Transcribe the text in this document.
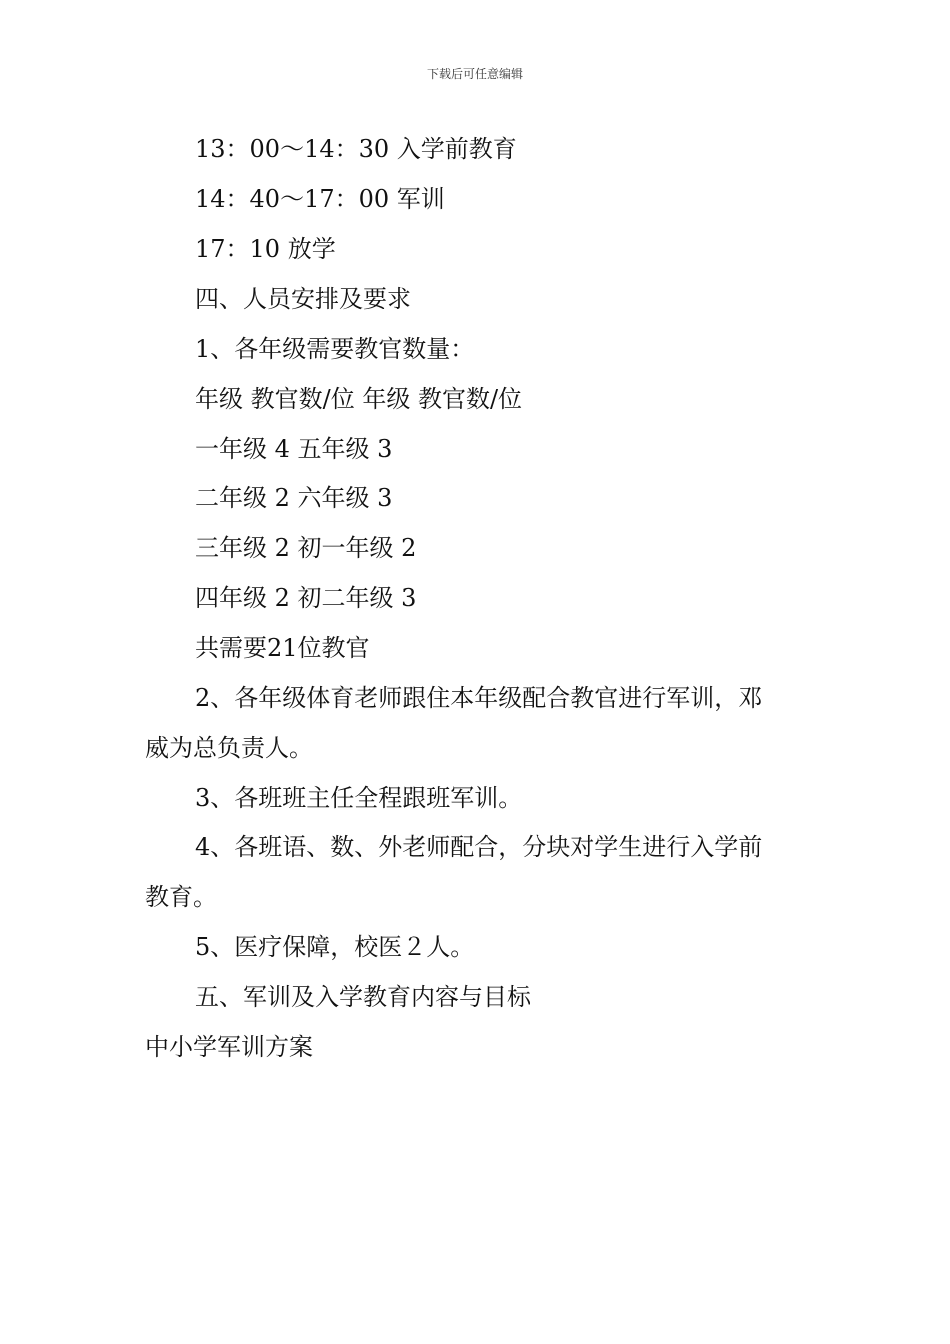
下载后可任意编辑
13：00～14：30 入学前教育
14：40～17：00 军训
17：10 放学
四、人员安排及要求
1、各年级需要教官数量：
年级 教官数/位 年级 教官数/位
一年级 4 五年级 3
二年级 2 六年级 3
三年级 2 初一年级 2
四年级 2 初二年级 3
共需要21位教官
2、各年级体育老师跟住本年级配合教官进行军训，邓
威为总负责人。
3、各班班主任全程跟班军训。
4、各班语、数、外老师配合，分块对学生进行入学前
教育。
5、医疗保障，校医２人。
五、军训及入学教育内容与目标
中小学军训方案
